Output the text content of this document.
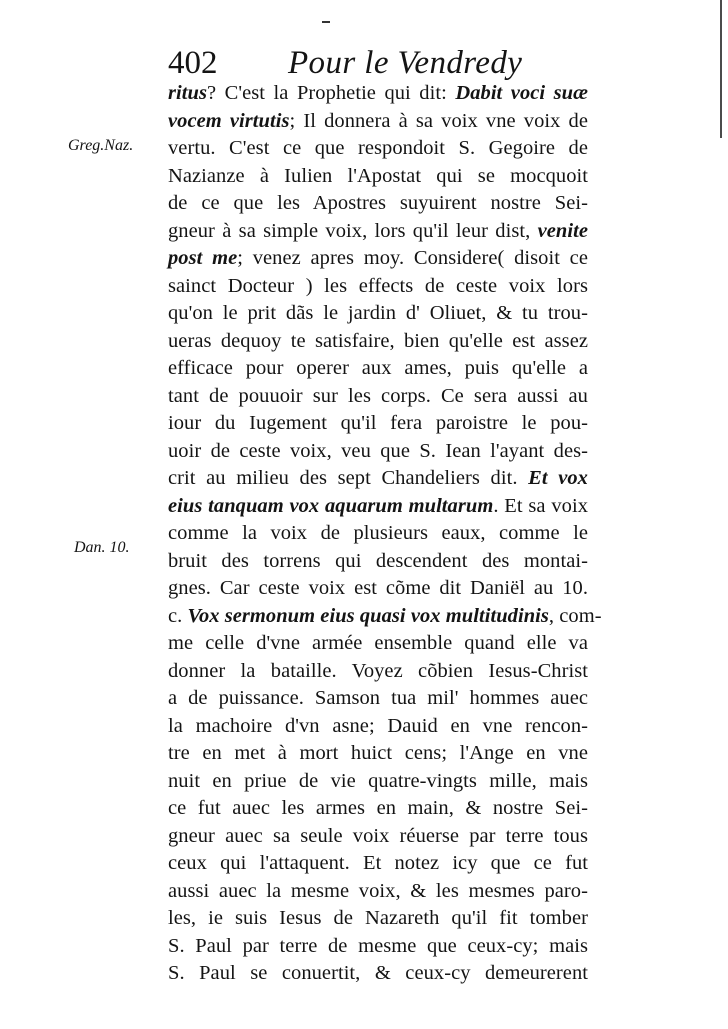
402 Pour le Vendredy
Greg.Naz.
Dan. 10.
ritus? C'est la Prophetie qui dit: Dabit voci suæ
vocem virtutis; Il donnera à sa voix vne voix de
vertu. C'est ce que respondoit S. Gegoire de
Nazianze à Iulien l'Apostat qui se mocquoit
de ce que les Apostres suyuirent nostre Sei-
gneur à sa simple voix, lors qu'il leur dist, venite
post me; venez apres moy. Considere( disoit ce
sainct Docteur ) les effects de ceste voix lors
qu'on le prit dãs le jardin d' Oliuet, & tu trou-
ueras dequoy te satisfaire, bien qu'elle est assez
efficace pour operer aux ames, puis qu'elle a
tant de pouuoir sur les corps. Ce sera aussi au
iour du Iugement qu'il fera paroistre le pou-
uoir de ceste voix, veu que S. Iean l'ayant des-
crit au milieu des sept Chandeliers dit. Et vox
eius tanquam vox aquarum multarum. Et sa voix
comme la voix de plusieurs eaux, comme le
bruit des torrens qui descendent des montai-
gnes. Car ceste voix est cõme dit Daniël au 10.
c. Vox sermonum eius quasi vox multitudinis, com-
me celle d'vne armée ensemble quand elle va
donner la bataille. Voyez cõbien Iesus-Christ
a de puissance. Samson tua mil' hommes auec
la machoire d'vn asne; Dauid en vne rencon-
tre en met à mort huict cens; l'Ange en vne
nuit en priue de vie quatre-vingts mille, mais
ce fut auec les armes en main, & nostre Sei-
gneur auec sa seule voix réuerse par terre tous
ceux qui l'attaquent. Et notez icy que ce fut
aussi auec la mesme voix, & les mesmes paro-
les, ie suis Iesus de Nazareth qu'il fit tomber
S. Paul par terre de mesme que ceux-cy; mais
S. Paul se conuertit, & ceux-cy demeurerent
